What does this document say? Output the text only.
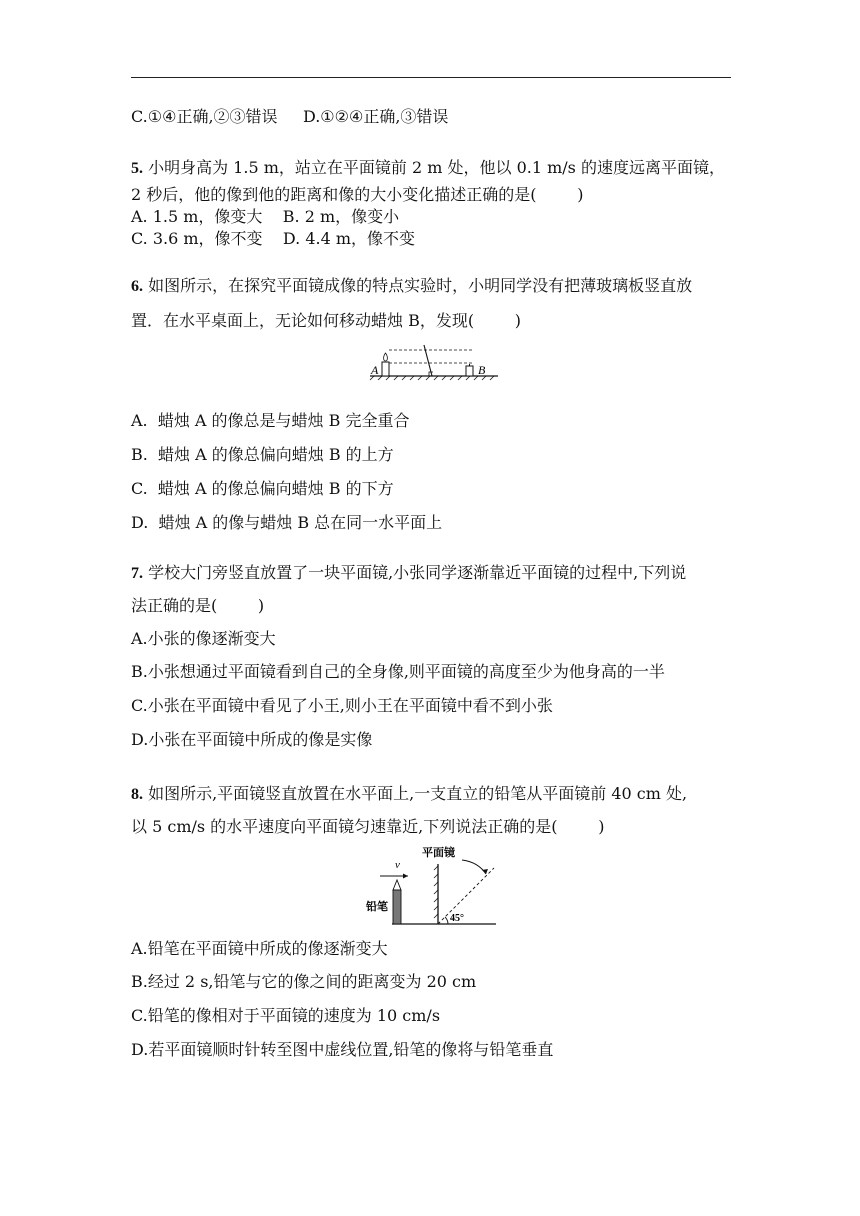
C.①④正确,②③错误     D.①②④正确,③错误
5. 小明身高为 1.5 m，站立在平面镜前 2 m 处，他以 0.1 m/s 的速度远离平面镜，
2 秒后，他的像到他的距离和像的大小变化描述正确的是(        )
A. 1.5 m，像变大    B. 2 m，像变小
C. 3.6 m，像不变    D. 4.4 m，像不变
6. 如图所示，在探究平面镜成像的特点实验时，小明同学没有把薄玻璃板竖直放
置．在水平桌面上，无论如何移动蜡烛 B，发现(        )
A	B
A.  蜡烛 A 的像总是与蜡烛 B 完全重合
B.  蜡烛 A 的像总偏向蜡烛 B 的上方
C.  蜡烛 A 的像总偏向蜡烛 B 的下方
D.  蜡烛 A 的像与蜡烛 B 总在同一水平面上
7. 学校大门旁竖直放置了一块平面镜,小张同学逐渐靠近平面镜的过程中,下列说
法正确的是(        )
A.小张的像逐渐变大
B.小张想通过平面镜看到自己的全身像,则平面镜的高度至少为他身高的一半
C.小张在平面镜中看见了小王,则小王在平面镜中看不到小张
D.小张在平面镜中所成的像是实像
8. 如图所示,平面镜竖直放置在水平面上,一支直立的铅笔从平面镜前 40 cm 处,
以 5 cm/s 的水平速度向平面镜匀速靠近,下列说法正确的是(        )
v
铅笔
平面镜
45°
A.铅笔在平面镜中所成的像逐渐变大
B.经过 2 s,铅笔与它的像之间的距离变为 20 cm
C.铅笔的像相对于平面镜的速度为 10 cm/s
D.若平面镜顺时针转至图中虚线位置,铅笔的像将与铅笔垂直
